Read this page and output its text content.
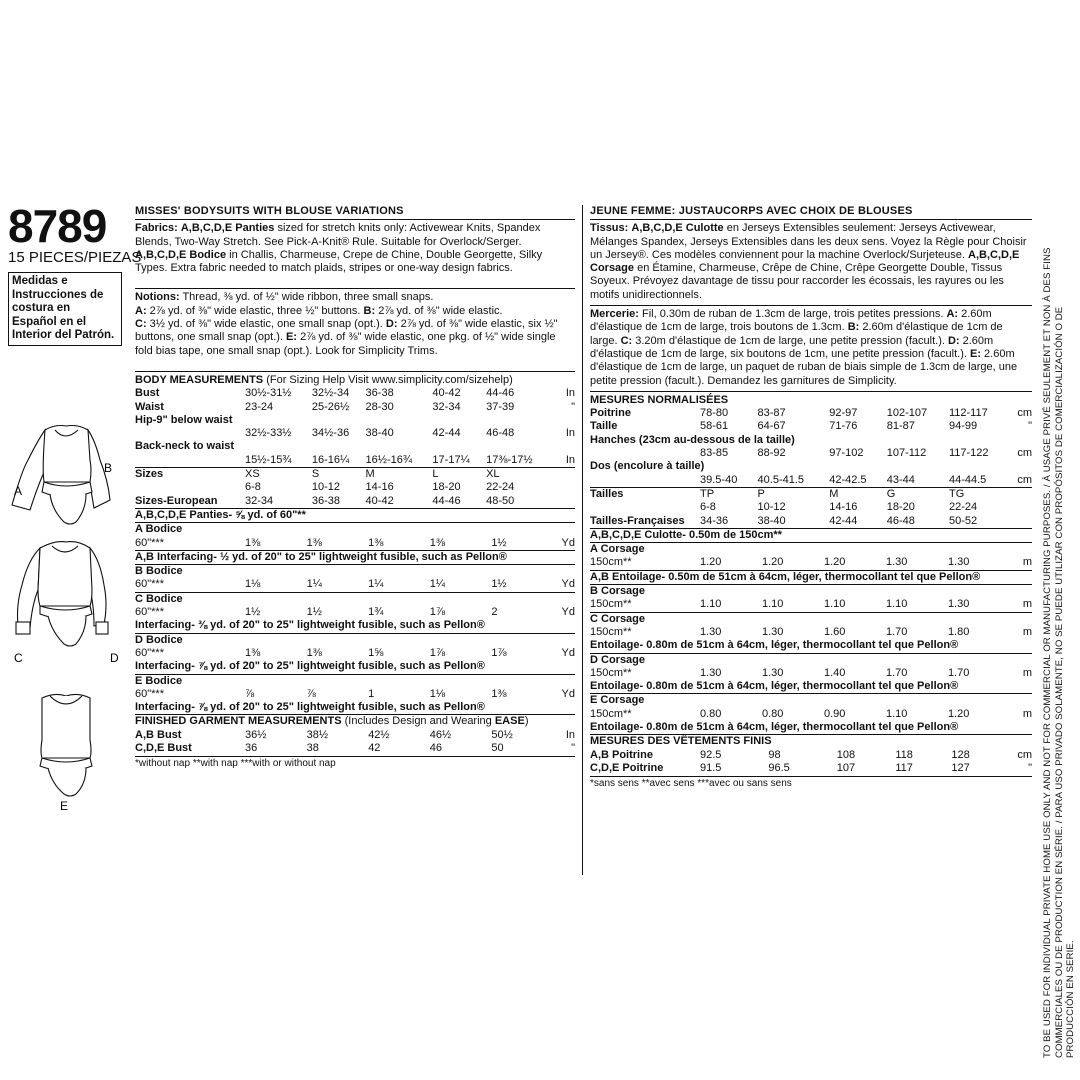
8789
15 PIECES/PIEZAS
Medidas e Instrucciones de costura en Español en el Interior del Patrón.
A
B
C	D
E
MISSES' BODYSUITS WITH BLOUSE VARIATIONS

Fabrics: A,B,C,D,E Panties sized for stretch knits only: Activewear Knits, Spandex Blends, Two-Way Stretch. See Pick-A-Knit® Rule. Suitable for Overlock/Serger.

A,B,C,D,E Bodice in Challis, Charmeuse, Crepe de Chine, Double Georgette, Silky Types. Extra fabric needed to match plaids, stripes or one-way design fabrics.

Notions: Thread, ⅜ yd. of ½" wide ribbon, three small snaps.

A: 2⅞ yd. of ⅜" wide elastic, three ½" buttons. B: 2⅞ yd. of ⅜" wide elastic.

C: 3½ yd. of ⅜" wide elastic, one small snap (opt.). D: 2⅞ yd. of ⅜" wide elastic, six ½" buttons, one small snap (opt.). E: 2⅞ yd. of ⅜" wide elastic, one pkg. of ½" wide single fold bias tape, one small snap (opt.). Look for Simplicity Trims.

BODY MEASUREMENTS (For Sizing Help Visit www.simplicity.com/sizehelp)
Bust	30½-31½	32½-34	36-38	40-42	44-46	In
Waist	23-24	25-26½	28-30	32-34	37-39	"
Hip-9" below waist						
	32½-33½	34½-36	38-40	42-44	46-48	In
Back-neck to waist						
	15½-15¾	16-16¼	16½-16¾	17-17¼	17⅜-17½	In
Sizes	XS	S	M	L	XL	
	6-8	10-12	14-16	18-20	22-24	
Sizes-European	32-34	36-38	40-42	44-46	48-50	
A,B,C,D,E Panties- ⅝ yd. of 60"**						
A Bodice						
60"***	1⅜	1⅜	1⅜	1⅜	1½	Yd
A,B Interfacing- ½ yd. of 20" to 25" lightweight fusible, such as Pellon®						
B Bodice						
60"***	1⅛	1¼	1¼	1¼	1½	Yd
C Bodice						
60"***	1½	1½	1¾	1⅞	2	Yd
Interfacing- ⅜ yd. of 20" to 25" lightweight fusible, such as Pellon®						
D Bodice						
60"***	1⅜	1⅜	1⅝	1⅞	1⅞	Yd
Interfacing- ⅞ yd. of 20" to 25" lightweight fusible, such as Pellon®						
E Bodice						
60"***	⅞	⅞	1	1⅛	1⅜	Yd
Interfacing- ⅞ yd. of 20" to 25" lightweight fusible, such as Pellon®						
FINISHED GARMENT MEASUREMENTS (Includes Design and Wearing EASE)
A,B Bust	36½	38½	42½	46½	50½	In
C,D,E Bust	36	38	42	46	50	"
*without nap **with nap ***with or without nap
JEUNE FEMME: JUSTAUCORPS AVEC CHOIX DE BLOUSES

Tissus: A,B,C,D,E Culotte en Jerseys Extensibles seulement: Jerseys Activewear, Mélanges Spandex, Jerseys Extensibles dans les deux sens. Voyez la Règle pour Choisir un Jersey®. Ces modèles conviennent pour la machine Overlock/Surjeteuse. A,B,C,D,E Corsage en Étamine, Charmeuse, Crêpe de Chine, Crêpe Georgette Double, Tissus Soyeux. Prévoyez davantage de tissu pour raccorder les écossais, les rayures ou les motifs unidirectionnels.

Mercerie: Fil, 0.30m de ruban de 1.3cm de large, trois petites pressions. A: 2.60m d'élastique de 1cm de large, trois boutons de 1.3cm. B: 2.60m d'élastique de 1cm de large. C: 3.20m d'élastique de 1cm de large, une petite pression (facult.). D: 2.60m d'élastique de 1cm de large, six boutons de 1cm, une petite pression (facult.). E: 2.60m d'élastique de 1cm de large, un paquet de ruban de biais simple de 1.3cm de large, une petite pression (facult.). Demandez les garnitures de Simplicity.

MESURES NORMALISÉES
Poitrine	78-80	83-87	92-97	102-107	112-117	cm
Taille	58-61	64-67	71-76	81-87	94-99	"
Hanches (23cm au-dessous de la taille)						
	83-85	88-92	97-102	107-112	117-122	cm
Dos (encolure à taille)						
	39.5-40	40.5-41.5	42-42.5	43-44	44-44.5	cm
Tailles	TP	P	M	G	TG	
	6-8	10-12	14-16	18-20	22-24	
Tailles-Françaises	34-36	38-40	42-44	46-48	50-52	
A,B,C,D,E Culotte- 0.50m de 150cm**						
A Corsage						
150cm**	1.20	1.20	1.20	1.30	1.30	m
A,B Entoilage- 0.50m de 51cm à 64cm, léger, thermocollant tel que Pellon®						
B Corsage						
150cm**	1.10	1.10	1.10	1.10	1.30	m
C Corsage						
150cm**	1.30	1.30	1.60	1.70	1.80	m
Entoilage- 0.80m de 51cm à 64cm, léger, thermocollant tel que Pellon®						
D Corsage						
150cm**	1.30	1.30	1.40	1.70	1.70	m
Entoilage- 0.80m de 51cm à 64cm, léger, thermocollant tel que Pellon®						
E Corsage						
150cm**	0.80	0.80	0.90	1.10	1.20	m
Entoilage- 0.80m de 51cm à 64cm, léger, thermocollant tel que Pellon®						
MESURES DES VÊTEMENTS FINIS
A,B Poitrine	92.5	98	108	118	128	cm
C,D,E Poitrine	91.5	96.5	107	117	127	"
*sans sens **avec sens ***avec ou sans sens	TO BE USED FOR INDIVIDUAL PRIVATE HOME USE ONLY AND NOT FOR COMMERCIAL OR MANUFACTURING PURPOSES. / À USAGE PRIVÉ SEULEMENT ET NON À DES FINS COMMERCIALES OU DE PRODUCTION EN SÉRIE. / PARA USO PRIVADO SOLAMENTE, NO SE PUEDE UTILIZAR CON PROPÓSITOS DE COMERCIALIZACIÓN O DE PRODUCCIÓN EN SERIE.
